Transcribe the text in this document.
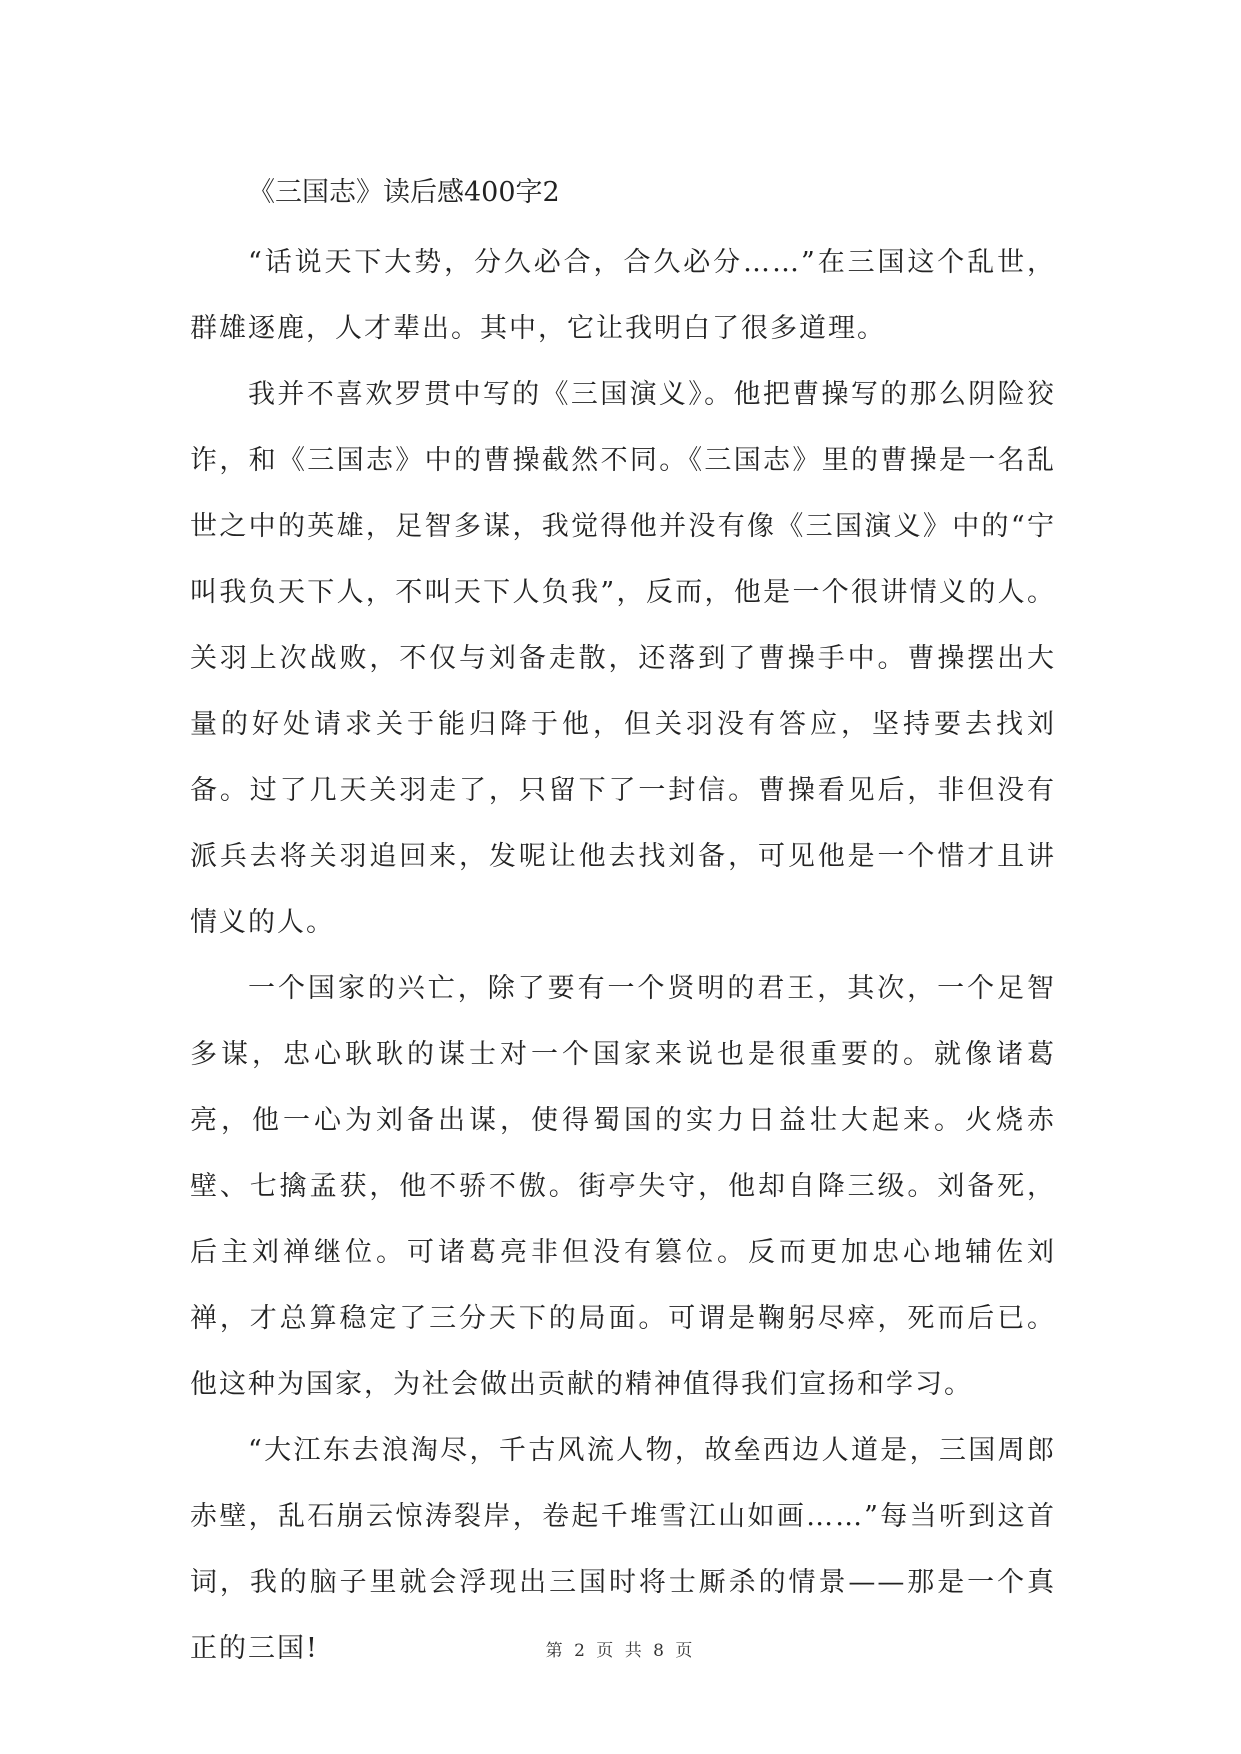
《三国志》读后感400字2

“话说天下大势，分久必合，合久必分……”在三国这个乱世，群雄逐鹿，人才辈出。其中，它让我明白了很多道理。

我并不喜欢罗贯中写的《三国演义》。他把曹操写的那么阴险狡诈，和《三国志》中的曹操截然不同。《三国志》里的曹操是一名乱世之中的英雄，足智多谋，我觉得他并没有像《三国演义》中的“宁叫我负天下人，不叫天下人负我”，反而，他是一个很讲情义的人。关羽上次战败，不仅与刘备走散，还落到了曹操手中。曹操摆出大量的好处请求关于能归降于他，但关羽没有答应，坚持要去找刘备。过了几天关羽走了，只留下了一封信。曹操看见后，非但没有派兵去将关羽追回来，发呢让他去找刘备，可见他是一个惜才且讲情义的人。

一个国家的兴亡，除了要有一个贤明的君王，其次，一个足智多谋，忠心耿耿的谋士对一个国家来说也是很重要的。就像诸葛亮，他一心为刘备出谋，使得蜀国的实力日益壮大起来。火烧赤壁、七擒孟获，他不骄不傲。街亭失守，他却自降三级。刘备死，后主刘禅继位。可诸葛亮非但没有篡位。反而更加忠心地辅佐刘禅，才总算稳定了三分天下的局面。可谓是鞠躬尽瘁，死而后已。他这种为国家，为社会做出贡献的精神值得我们宣扬和学习。

“大江东去浪淘尽，千古风流人物，故垒西边人道是，三国周郎赤壁，乱石崩云惊涛裂岸，卷起千堆雪江山如画……”每当听到这首词，我的脑子里就会浮现出三国时将士厮杀的情景——那是一个真正的三国!	第 2 页 共 8 页
